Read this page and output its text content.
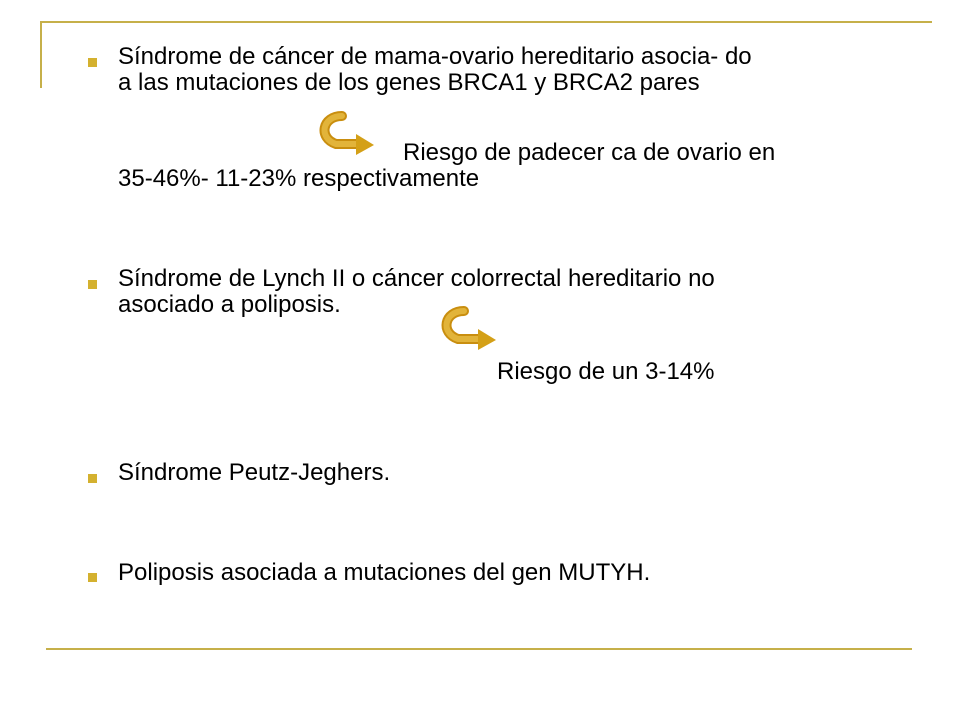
Síndrome de cáncer de mama-ovario hereditario asocia- do
a las mutaciones de los genes BRCA1 y BRCA2 pares
Riesgo de padecer ca de ovario en
35-46%- 11-23% respectivamente
Síndrome de Lynch II o cáncer colorrectal hereditario no
asociado a poliposis.
Riesgo de un 3-14%
Síndrome Peutz-Jeghers.
Poliposis asociada a mutaciones del gen MUTYH.
